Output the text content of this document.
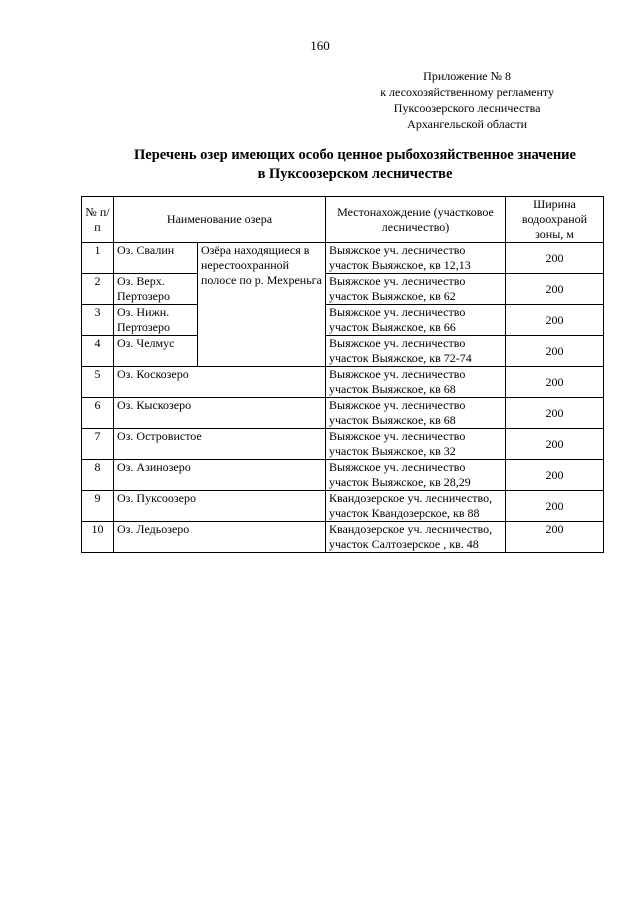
160
Приложение № 8
к лесохозяйственному регламенту
Пуксоозерского лесничества
Архангельской области
Перечень озер имеющих особо ценное рыбохозяйственное значение
в Пуксоозерском лесничестве
№ п/п	Наименование озера		Местонахождение (участковое лесничество)	Ширина водоохраной зоны, м
1	Оз. Свалин	Озёра находящиеся в нерестоохранной полосе по р. Мехреньга	Выяжское уч. лесничество участок Выяжское, кв 12,13	200
2	Оз. Верх. Пертозеро		Выяжское уч. лесничество участок Выяжское, кв 62	200
3	Оз. Нижн. Пертозеро		Выяжское уч. лесничество участок Выяжское, кв 66	200
4	Оз. Челмус		Выяжское уч. лесничество участок Выяжское, кв 72-74	200
5	Оз. Коскозеро		Выяжское уч. лесничество участок Выяжское, кв 68	200
6	Оз. Кыскозеро		Выяжское уч. лесничество участок Выяжское, кв 68	200
7	Оз. Островистое		Выяжское уч. лесничество участок Выяжское, кв 32	200
8	Оз. Азинозеро		Выяжское уч. лесничество участок Выяжское, кв 28,29	200
9	Оз. Пуксоозеро		Квандозерское уч. лесничество, участок Квандозерское, кв 88	200
10	Оз. Ледьозеро		Квандозерское уч. лесничество, участок Салтозерское , кв. 48	200
